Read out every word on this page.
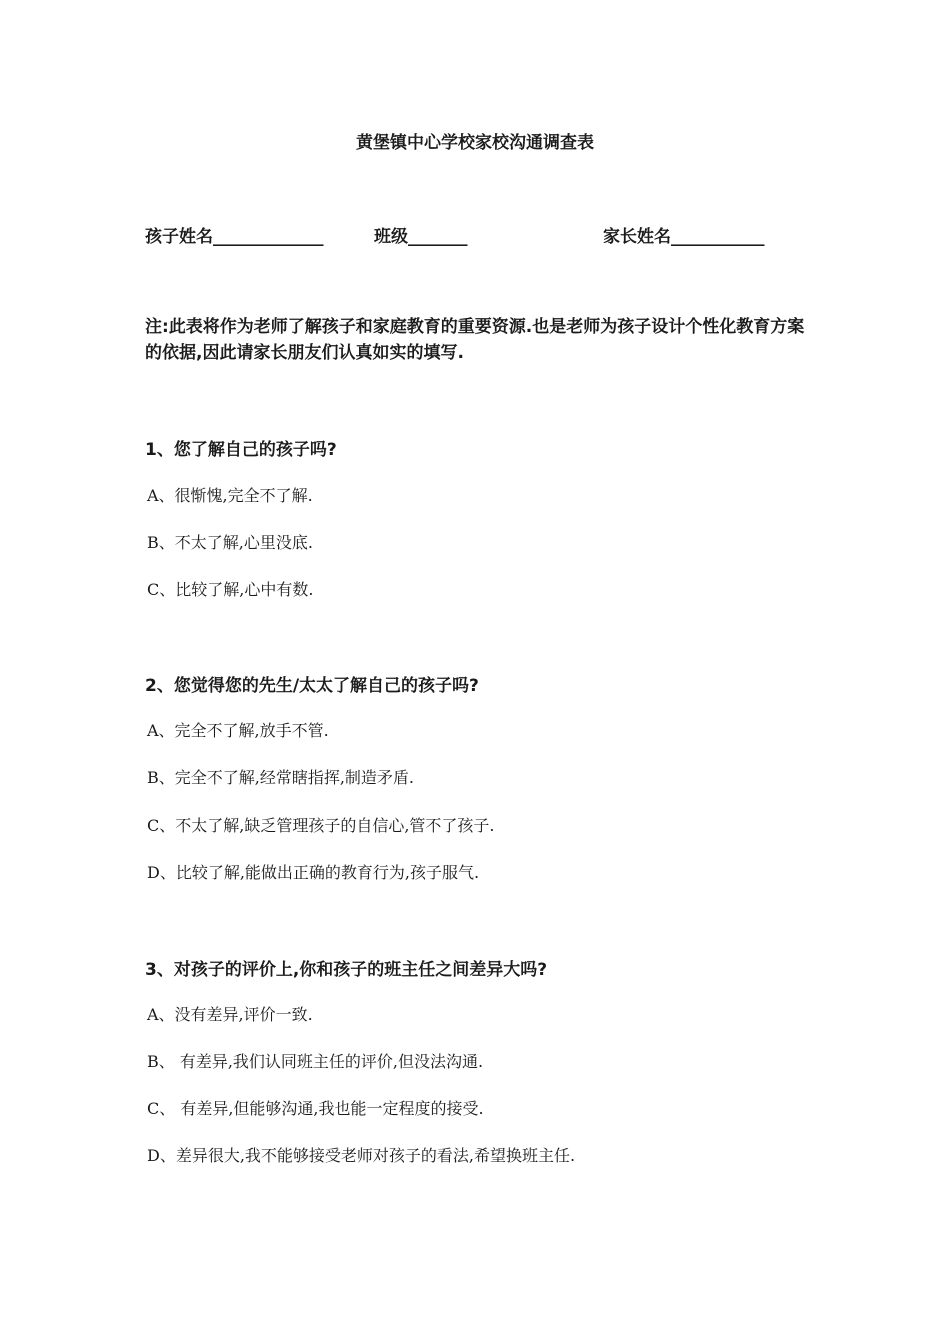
黄堡镇中心学校家校沟通调查表
孩子姓名_____________	班级_______	家长姓名___________
注:此表将作为老师了解孩子和家庭教育的重要资源.也是老师为孩子设计个性化教育方案的依据,因此请家长朋友们认真如实的填写.
1、您了解自己的孩子吗?
A、很惭愧,完全不了解.
B、不太了解,心里没底.
C、比较了解,心中有数.
2、您觉得您的先生/太太了解自己的孩子吗?
A、完全不了解,放手不管.
B、完全不了解,经常瞎指挥,制造矛盾.
C、不太了解,缺乏管理孩子的自信心,管不了孩子.
D、比较了解,能做出正确的教育行为,孩子服气.
3、对孩子的评价上,你和孩子的班主任之间差异大吗?
A、没有差异,评价一致.
B、 有差异,我们认同班主任的评价,但没法沟通.
C、 有差异,但能够沟通,我也能一定程度的接受.
D、差异很大,我不能够接受老师对孩子的看法,希望换班主任.
